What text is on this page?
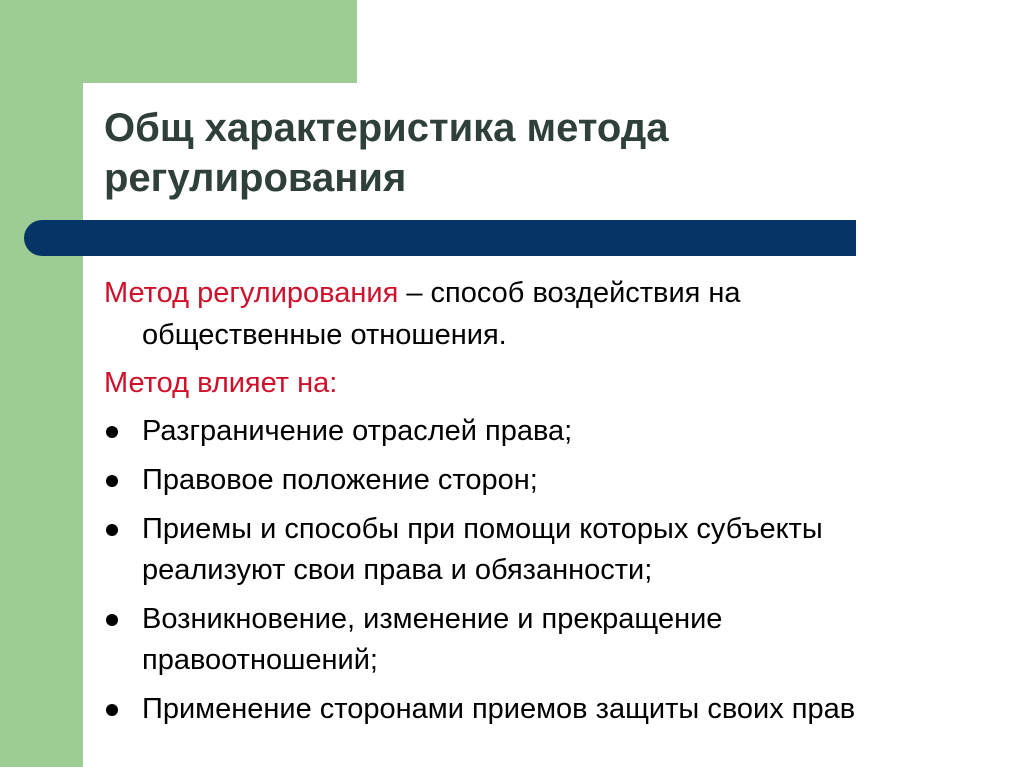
Общ характеристика метода регулирования

Метод регулирования – способ воздействия на
общественные отношения.

Метод влияет на:

Разграничение отраслей права;
Правовое положение сторон;
Приемы и способы при помощи которых субъекты
реализуют свои права и обязанности;
Возникновение, изменение и прекращение
правоотношений;
Применение сторонами приемов защиты своих прав
